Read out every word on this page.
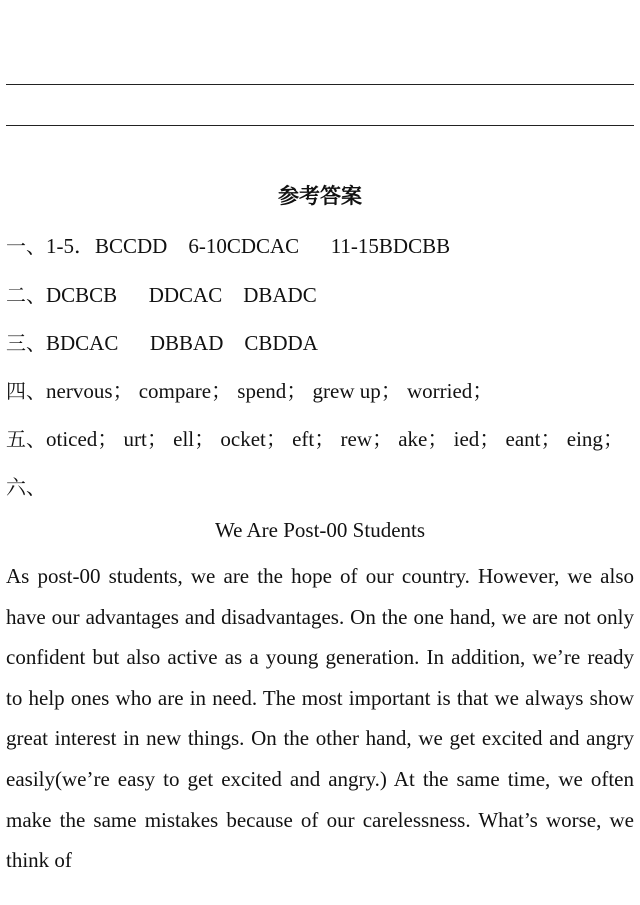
参考答案
一、1-5．BCCDD    6-10CDCAC      11-15BDCBB
二、DCBCB      DDCAC    DBADC
三、BDCAC      DBBAD    CBDDA
四、nervous； compare； spend； grew up； worried；
五、oticed； urt； ell； ocket； eft； rew； ake； ied； eant； eing；
六、
We Are Post-00 Students

As post-00 students, we are the hope of our country. However, we also have our advantages and disadvantages. On the one hand, we are not only confident but also active as a young generation. In addition, we’re ready to help ones who are in need. The most important is that we always show great interest in new things. On the other hand, we get excited and angry easily(we’re easy to get excited and angry.) At the same time, we often make the same mistakes because of our carelessness. What’s worse, we think of
